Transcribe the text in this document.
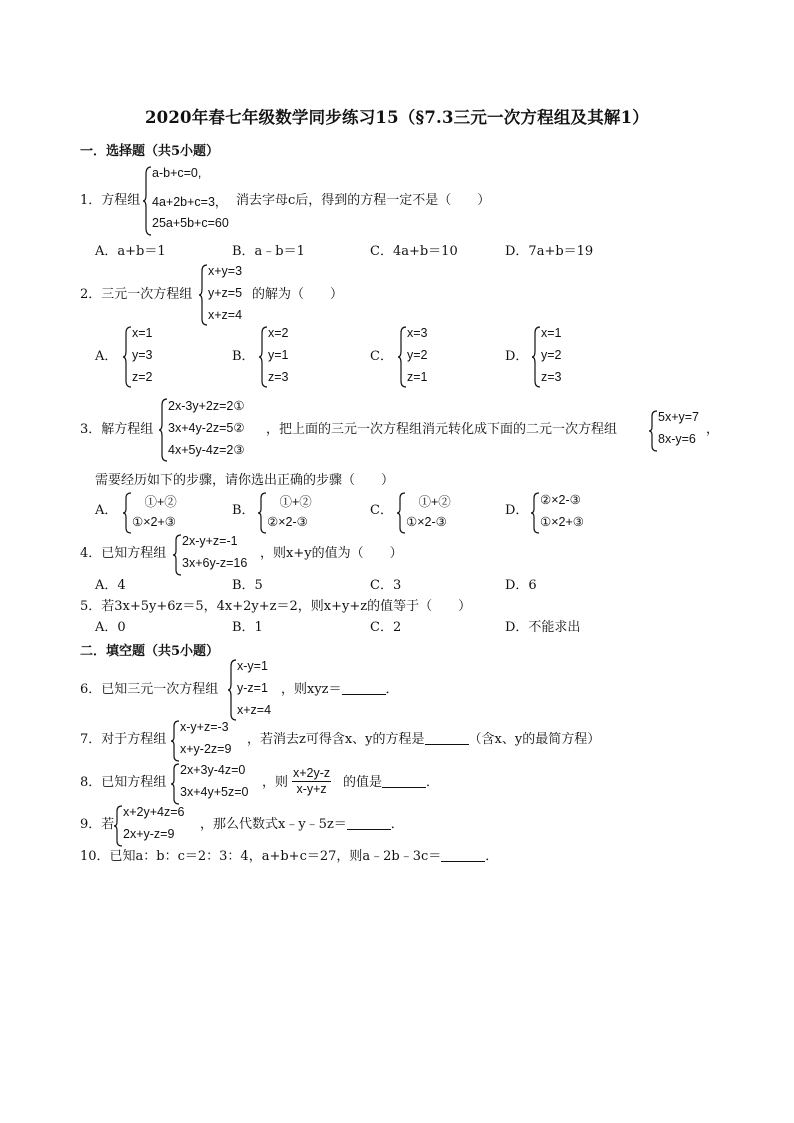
2020年春七年级数学同步练习15（§7.3三元一次方程组及其解1）
一．选择题（共5小题）
1．方程组
a-b+c=0,
4a+2b+c=3，
25a+5b+c=60
消去字母c后，得到的方程一定不是（　　）
A．a+b＝1	B．a﹣b＝1	C．4a+b＝10	D．7a+b＝19
2．三元一次方程组
x+y=3
y+z=5
x+z=4
的解为（　　）
A．
x=1
y=3
z=2
B．
x=2
y=1
z=3
C．
x=3
y=2
z=1
D．
x=1
y=2
z=3
3．解方程组
2x-3y+2z=2①
3x+4y-2z=5②
4x+5y-4z=2③
，把上面的三元一次方程组消元转化成下面的二元一次方程组
5x+y=7
8x-y=6
，
需要经历如下的步骤，请你选出正确的步骤（　　）
A．
　①+②
①×2+③
B．
　①+②
②×2-③
C．
　①+②
①×2-③
D．
②×2-③
①×2+③
4．已知方程组
2x-y+z=-1
3x+6y-z=16
，则x+y的值为（　　）
A．4	B．5	C．3	D．6
5．若3x+5y+6z＝5，4x+2y+z＝2，则x+y+z的值等于（　　）
A．0	B．1	C．2	D．不能求出
二．填空题（共5小题）
6．已知三元一次方程组
x-y=1
y-z=1
x+z=4
，则xyz＝	．
7．对于方程组
x-y+z=-3
x+y-2z=9
，若消去z可得含x、y的方程是	（含x、y的最简方程）
8．已知方程组
2x+3y-4z=0
3x+4y+5z=0
，则 $\frac{x+2y-z}{x-y+z}$ 的值是	．
9．若
x+2y+4z=6
2x+y-z=9
，那么代数式x﹣y﹣5z＝	．
10．已知a：b：c＝2：3：4，a+b+c＝27，则a﹣2b﹣3c＝	．
